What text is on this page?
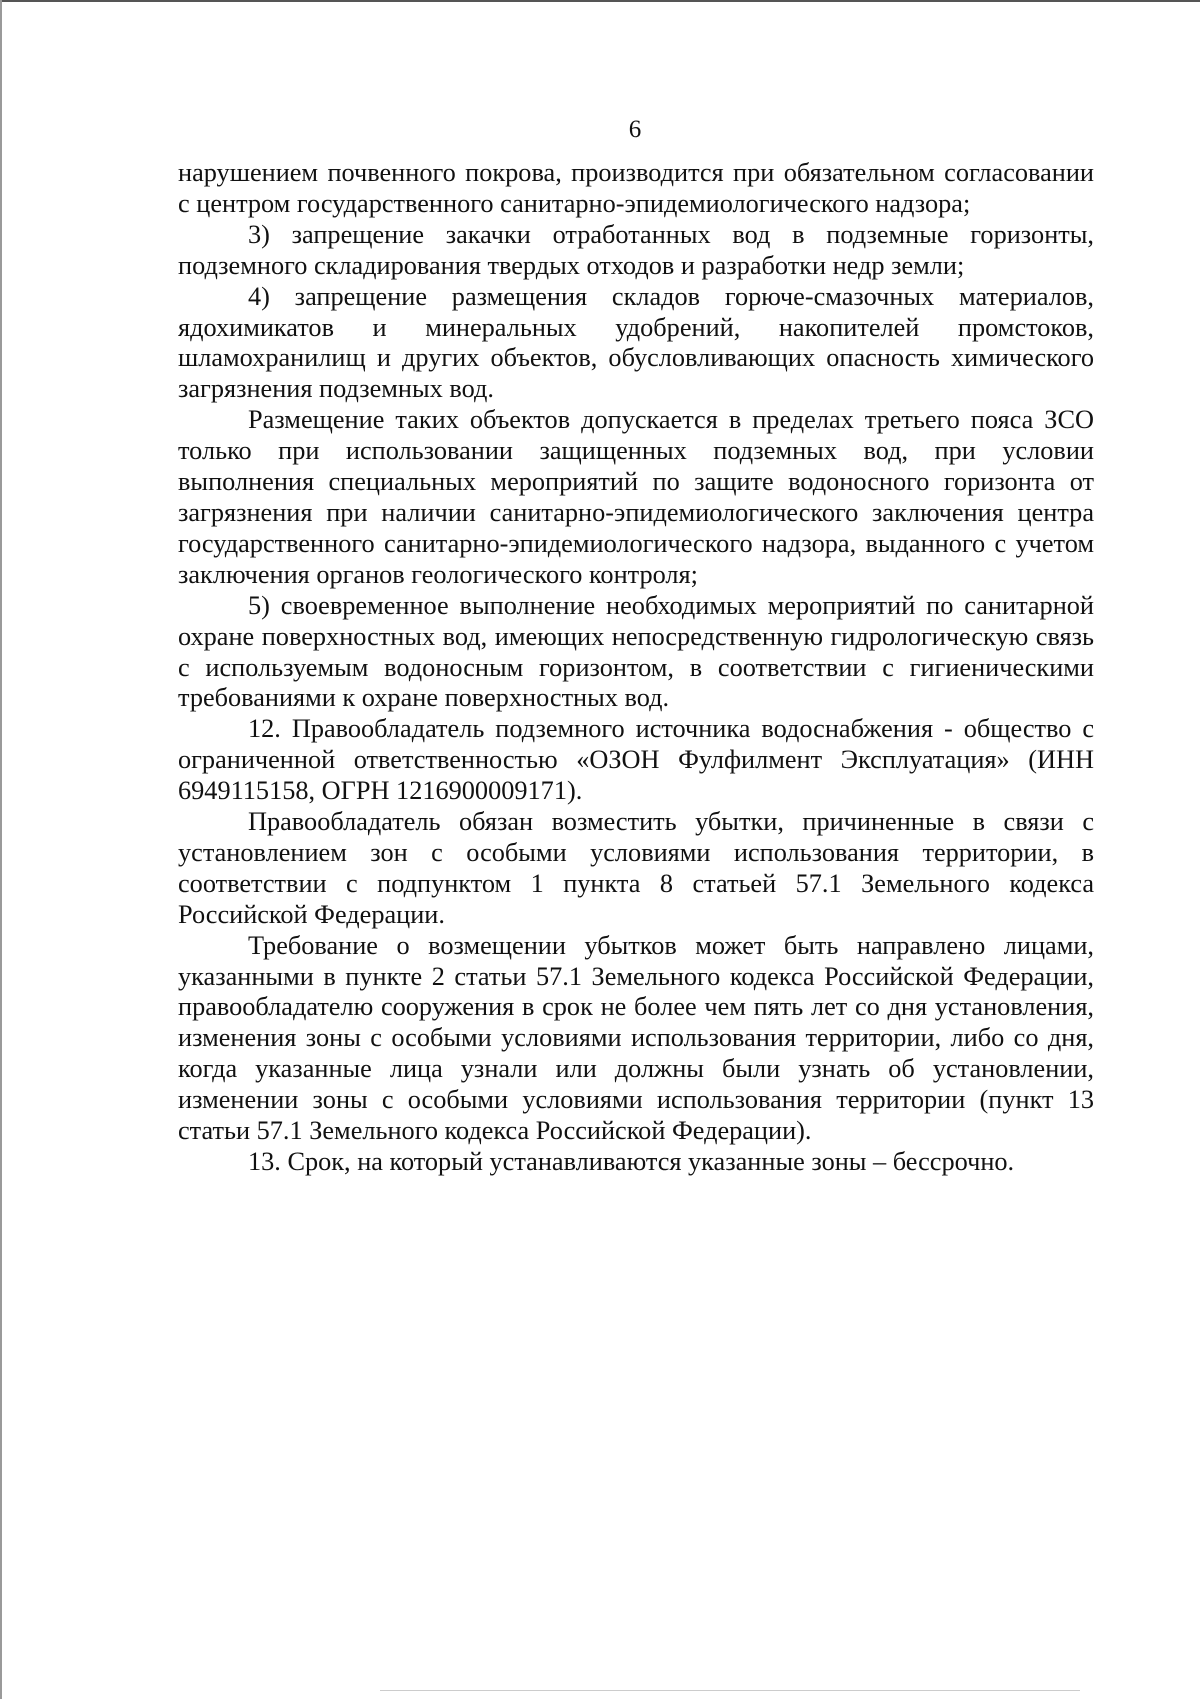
6

нарушением почвенного покрова, производится при обязательном согласовании с центром государственного санитарно-эпидемиологического надзора;

3) запрещение закачки отработанных вод в подземные горизонты, подземного складирования твердых отходов и разработки недр земли;

4) запрещение размещения складов горюче-смазочных материалов, ядохимикатов и минеральных удобрений, накопителей промстоков, шламохранилищ и других объектов, обусловливающих опасность химического загрязнения подземных вод.

Размещение таких объектов допускается в пределах третьего пояса ЗСО только при использовании защищенных подземных вод, при условии выполнения специальных мероприятий по защите водоносного горизонта от загрязнения при наличии санитарно-эпидемиологического заключения центра государственного санитарно-эпидемиологического надзора, выданного с учетом заключения органов геологического контроля;

5) своевременное выполнение необходимых мероприятий по санитарной охране поверхностных вод, имеющих непосредственную гидрологическую связь с используемым водоносным горизонтом, в соответствии с гигиеническими требованиями к охране поверхностных вод.

12. Правообладатель подземного источника водоснабжения - общество с ограниченной ответственностью «ОЗОН Фулфилмент Эксплуатация» (ИНН 6949115158, ОГРН 1216900009171).

Правообладатель обязан возместить убытки, причиненные в связи с установлением зон с особыми условиями использования территории, в соответствии с подпунктом 1 пункта 8 статьей 57.1 Земельного кодекса Российской Федерации.

Требование о возмещении убытков может быть направлено лицами, указанными в пункте 2 статьи 57.1 Земельного кодекса Российской Федерации, правообладателю сооружения в срок не более чем пять лет со дня установления, изменения зоны с особыми условиями использования территории, либо со дня, когда указанные лица узнали или должны были узнать об установлении, изменении зоны с особыми условиями использования территории (пункт 13 статьи 57.1 Земельного кодекса Российской Федерации).

13. Срок, на который устанавливаются указанные зоны – бессрочно.
